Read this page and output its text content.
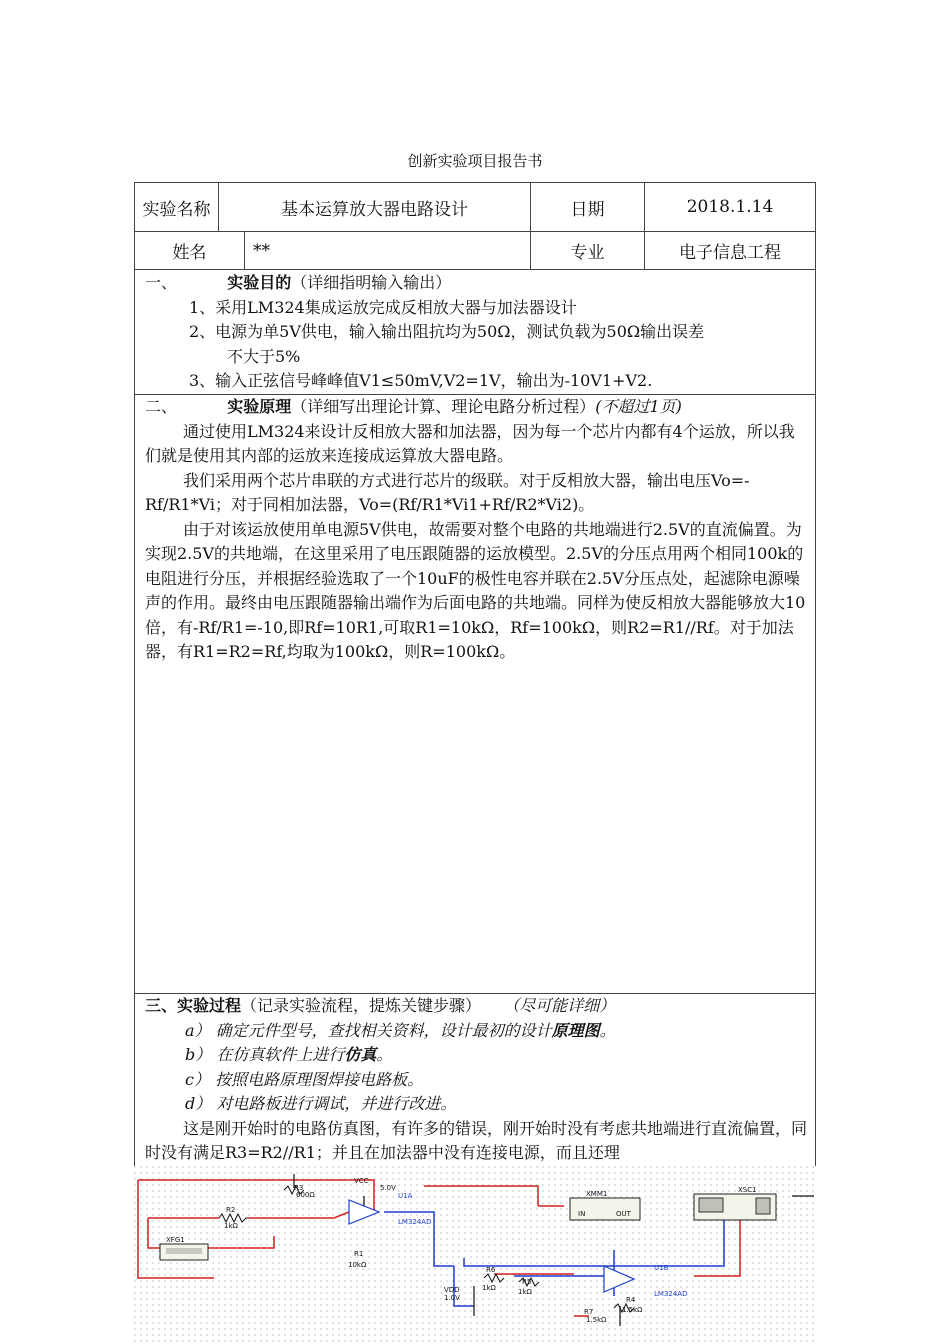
创新实验项目报告书
实验名称	基本运算放大器电路设计	日期	2018.1.14
姓名	**	专业	电子信息工程

一、	实验目的（详细指明输入输出）

1、采用LM324集成运放完成反相放大器与加法器设计

2、电源为单5V供电，输入输出阻抗均为50Ω，测试负载为50Ω输出误差

不大于5%

3、输入正弦信号峰峰值V1≤50mV,V2=1V，输出为-10V1+V2.

二、	实验原理（详细写出理论计算、理论电路分析过程）(不超过1页)

通过使用LM324来设计反相放大器和加法器，因为每一个芯片内都有4个运放，所以我们就是使用其内部的运放来连接成运算放大器电路。

我们采用两个芯片串联的方式进行芯片的级联。对于反相放大器，输出电压Vo=-Rf/R1*Vi；对于同相加法器，Vo=(Rf/R1*Vi1+Rf/R2*Vi2)。

由于对该运放使用单电源5V供电，故需要对整个电路的共地端进行2.5V的直流偏置。为实现2.5V的共地端，在这里采用了电压跟随器的运放模型。2.5V的分压点用两个相同100k的电阻进行分压，并根据经验选取了一个10uF的极性电容并联在2.5V分压点处，起滤除电源噪声的作用。最终由电压跟随器输出端作为后面电路的共地端。同样为使反相放大器能够放大10倍，有-Rf/R1=-10,即Rf=10R1,可取R1=10kΩ，Rf=100kΩ，则R2=R1//Rf。对于加法器，有R1=R2=Rf,均取为100kΩ，则R=100kΩ。

三、实验过程（记录实验流程，提炼关键步骤） （尽可能详细）

a） 确定元件型号，查找相关资料，设计最初的设计原理图。

b） 在仿真软件上进行仿真。

c） 按照电路原理图焊接电路板。

d） 对电路板进行调试，并进行改进。

这是刚开始时的电路仿真图，有许多的错误，刚开始时没有考虑共地端进行直流偏置，同时没有满足R3=R2//R1；并且在加法器中没有连接电源，而且还理

R3
600Ω
VCC
5.0V
U1A
LM324AD
R2
1kΩ
XFG1
R1
10kΩ
XMM1
IN	OUT
XSC1
U1B
LM324AD
R6
1kΩ
R5
1kΩ
VDD
1.0V	R4
1.5kΩ
R7
1.5kΩ
